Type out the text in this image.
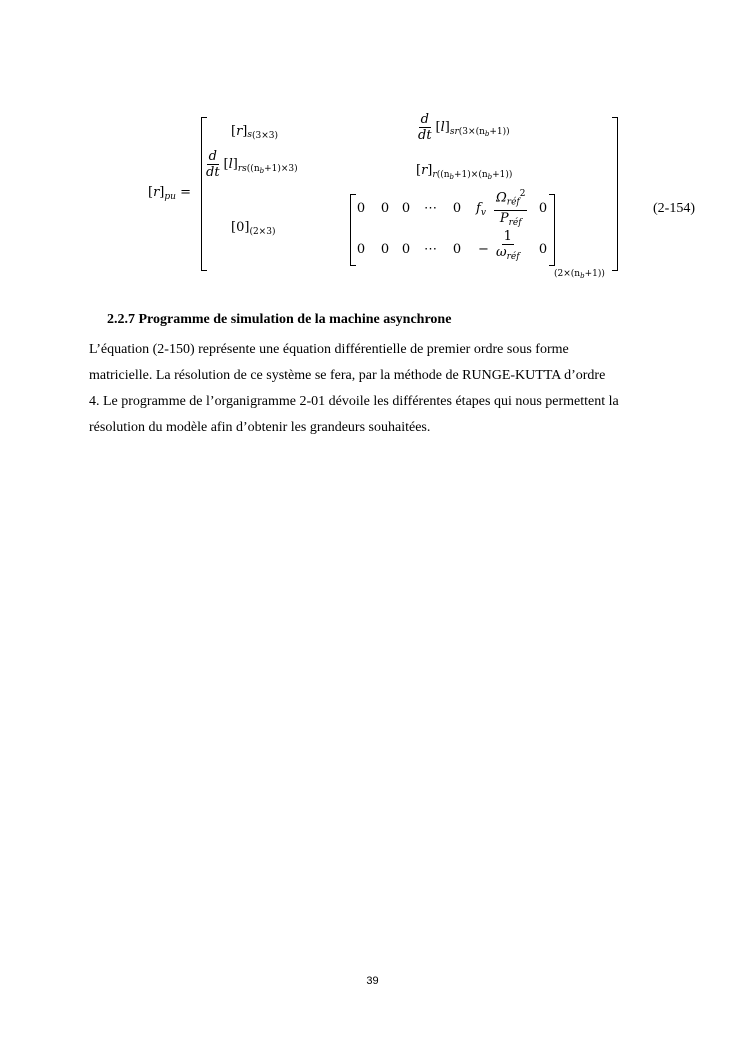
$[r]_{pu}$ =
$[r]_{s(3\times 3)}$	$\frac{d}{dt} [l]_{sr(3\times(nb+1))}$
$\frac{d}{dt} [l]_{rs((nb+1)\times 3)}$	$[r]_{r((nb+1)\times(nb+1))}$
$[0]_{(2\times 3)}$
0 0 0 ⋯ 0 $f_v \frac{\Omega_{réf}^2}{P_{réf}} 0$
0 0 0 ⋯ $0 - \frac{1}{\omega_{réf}} 0$
$_{(2\times(nb+1))}$
(2-154)
2.2.7 Programme de simulation de la machine asynchrone
L’équation (2-150) représente une équation différentielle de premier ordre sous forme
matricielle. La résolution de ce système se fera, par la méthode de RUNGE-KUTTA d’ordre
4. Le programme de l’organigramme 2-01 dévoile les différentes étapes qui nous permettent la
résolution du modèle afin d’obtenir les grandeurs souhaitées.
39
